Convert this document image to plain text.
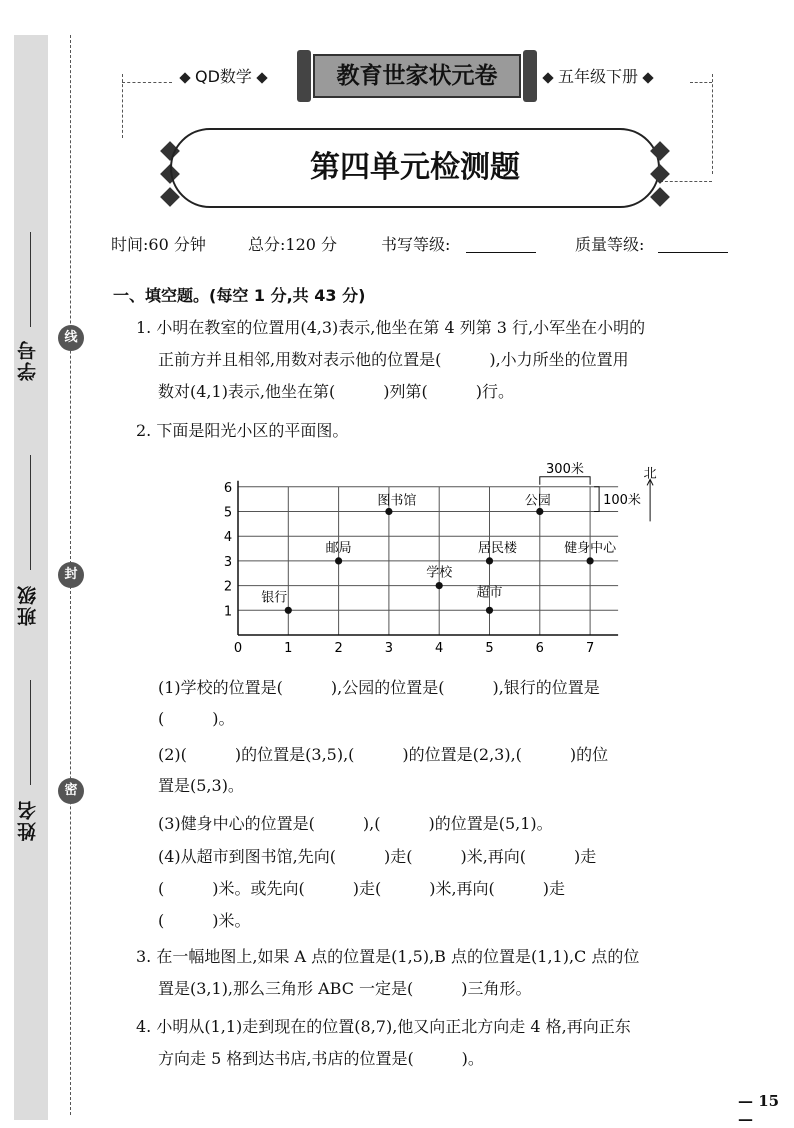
学号
班级
姓名
线
封
密
QD数学	教育世家状元卷	五年级下册
第四单元检测题
时间:60 分钟	总分:120 分	书写等级:	质量等级:
一、填空题。(每空 1 分,共 43 分)
1. 小明在教室的位置用(4,3)表示,他坐在第 4 列第 3 行,小军坐在小明的
正前方并且相邻,用数对表示他的位置是(　　　),小力所坐的位置用
数对(4,1)表示,他坐在第(　　　)列第(　　　)行。
2. 下面是阳光小区的平面图。
0	1	2	3	4	5	6	7
1
2
3
4
5
6
银行
邮局
图书馆
学校
居民楼
超市
公园
健身中心
300米
100米
北
(1)学校的位置是(　　　),公园的位置是(　　　),银行的位置是
(　　　)。
(2)(　　　)的位置是(3,5),(　　　)的位置是(2,3),(　　　)的位
置是(5,3)。
(3)健身中心的位置是(　　　),(　　　)的位置是(5,1)。
(4)从超市到图书馆,先向(　　　)走(　　　)米,再向(　　　)走
(　　　)米。或先向(　　　)走(　　　)米,再向(　　　)走
(　　　)米。
3. 在一幅地图上,如果 A 点的位置是(1,5),B 点的位置是(1,1),C 点的位
置是(3,1),那么三角形 ABC 一定是(　　　)三角形。
4. 小明从(1,1)走到现在的位置(8,7),他又向正北方向走 4 格,再向正东
方向走 5 格到达书店,书店的位置是(　　　)。
— 15 —
